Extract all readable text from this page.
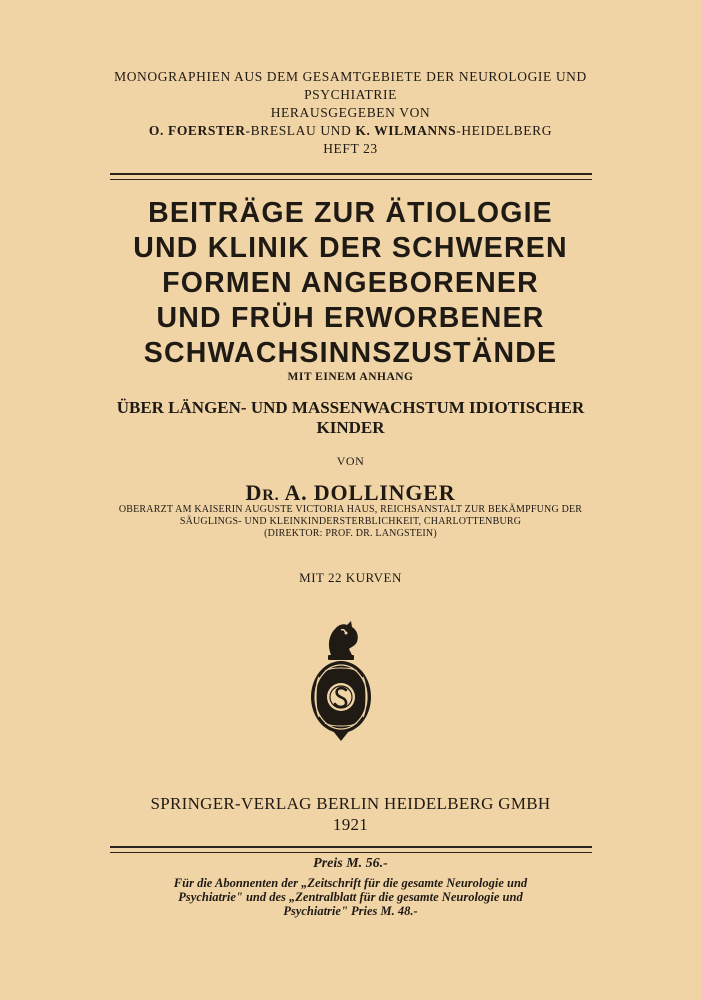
MONOGRAPHIEN AUS DEM GESAMTGEBIETE DER NEUROLOGIE UND
PSYCHIATRIE
HERAUSGEGEBEN VON
O. FOERSTER-BRESLAU UND K. WILMANNS-HEIDELBERG
HEFT 23
BEITRÄGE ZUR ÄTIOLOGIE
UND KLINIK DER SCHWEREN
FORMEN ANGEBORENER
UND FRÜH ERWORBENER
SCHWACHSINNSZUSTÄNDE
MIT EINEM ANHANG
ÜBER LÄNGEN- UND MASSENWACHSTUM IDIOTISCHER
KINDER
VON
DR. A. DOLLINGER
OBERARZT AM KAISERIN AUGUSTE VICTORIA HAUS, REICHSANSTALT ZUR BEKÄMPFUNG DER
SÄUGLINGS- UND KLEINKINDERSTERBLICHKEIT, CHARLOTTENBURG
(DIREKTOR: PROF. DR. LANGSTEIN)
MIT 22 KURVEN
SPRINGER-VERLAG BERLIN HEIDELBERG GMBH
1921
Preis M. 56.-
Für die Abonnenten der „Zeitschrift für die gesamte Neurologie und
Psychiatrie" und des „Zentralblatt für die gesamte Neurologie und
Psychiatrie" Pries M. 48.-
